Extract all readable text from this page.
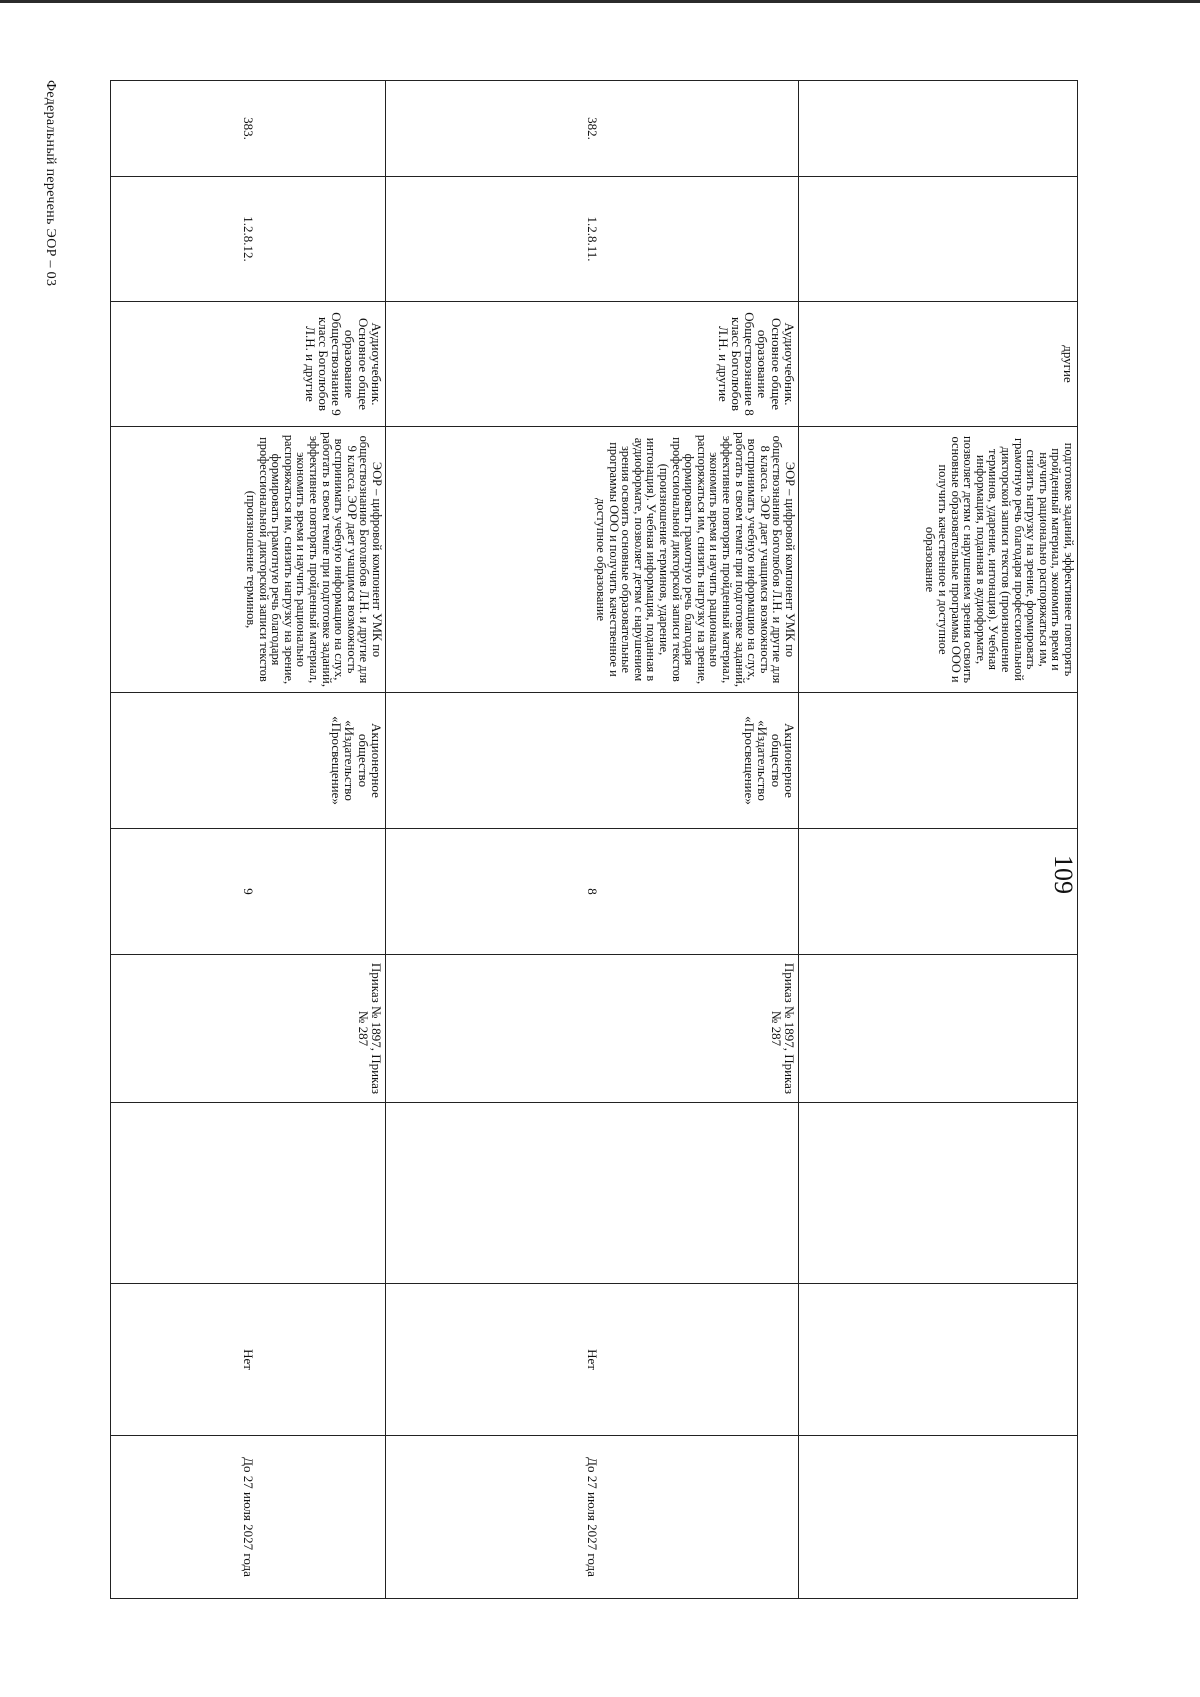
Федеральный перечень ЭОР – 03
109
		другие	подготовке заданий, эффективнее повторять пройденный материал, экономить время и научить рационально распоряжаться им, снизить нагрузку на зрение, формировать грамотную речь благодаря профессиональной дикторской записи текстов (произношение терминов, ударение, интонация). Учебная информация, поданная в аудиоформате, позволяет детям с нарушением зрения освоить основные образовательные программы ООО и получить качественное и доступное образование						

382.	1.2.8.11.	Аудиоучебник. Основное общее образование Обществознание 8 класс Боголюбов Л.Н. и другие	ЭОР – цифровой компонент УМК по обществознанию Боголюбов Л.Н. и другие для 8 класса. ЭОР дает учащимся возможность воспринимать учебную информацию на слух, работать в своем темпе при подготовке заданий, эффективнее повторять пройденный материал, экономить время и научить рационально распоряжаться им, снизить нагрузку на зрение, формировать грамотную речь благодаря профессиональной дикторской записи текстов (произношение терминов, ударение, интонация). Учебная информация, поданная в аудиоформате, позволяет детям с нарушением зрения освоить основные образовательные программы ООО и получить качественное и доступное образование	Акционерное общество «Издательство «Просвещение»	8	Приказ № 1897, Приказ № 287		Нет	До 27 июля 2027 года
383.	1.2.8.12.	Аудиоучебник. Основное общее образование Обществознание 9 класс Боголюбов Л.Н. и другие	ЭОР – цифровой компонент УМК по обществознанию Боголюбов Л.Н. и другие для 9 класса. ЭОР дает учащимся возможность воспринимать учебную информацию на слух, работать в своем темпе при подготовке заданий, эффективнее повторять пройденный материал, экономить время и научить рационально распоряжаться им, снизить нагрузку на зрение, формировать грамотную речь благодаря профессиональной дикторской записи текстов (произношение терминов,	Акционерное общество «Издательство «Просвещение»	9	Приказ № 1897, Приказ № 287		Нет	До 27 июля 2027 года
